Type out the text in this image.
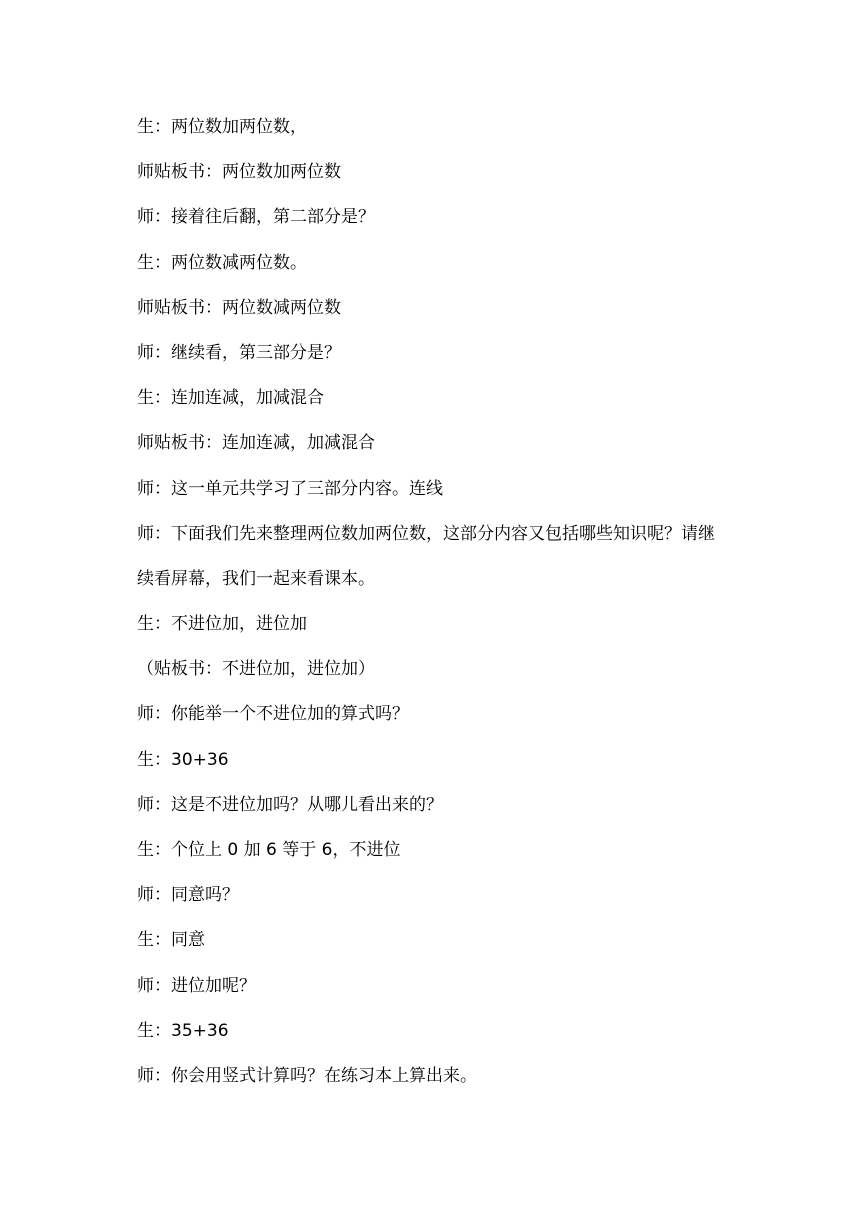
生：两位数加两位数，
师贴板书：两位数加两位数
师：接着往后翻，第二部分是？
生：两位数减两位数。
师贴板书：两位数减两位数
师：继续看，第三部分是？
生：连加连减，加减混合
师贴板书：连加连减，加减混合
师：这一单元共学习了三部分内容。连线
师：下面我们先来整理两位数加两位数，这部分内容又包括哪些知识呢？请继
续看屏幕，我们一起来看课本。
生：不进位加，进位加
（贴板书：不进位加，进位加）
师：你能举一个不进位加的算式吗？
生：30+36
师：这是不进位加吗？从哪儿看出来的？
生：个位上 0 加 6 等于 6，不进位
师：同意吗？
生：同意
师：进位加呢？
生：35+36
师：你会用竖式计算吗？在练习本上算出来。
